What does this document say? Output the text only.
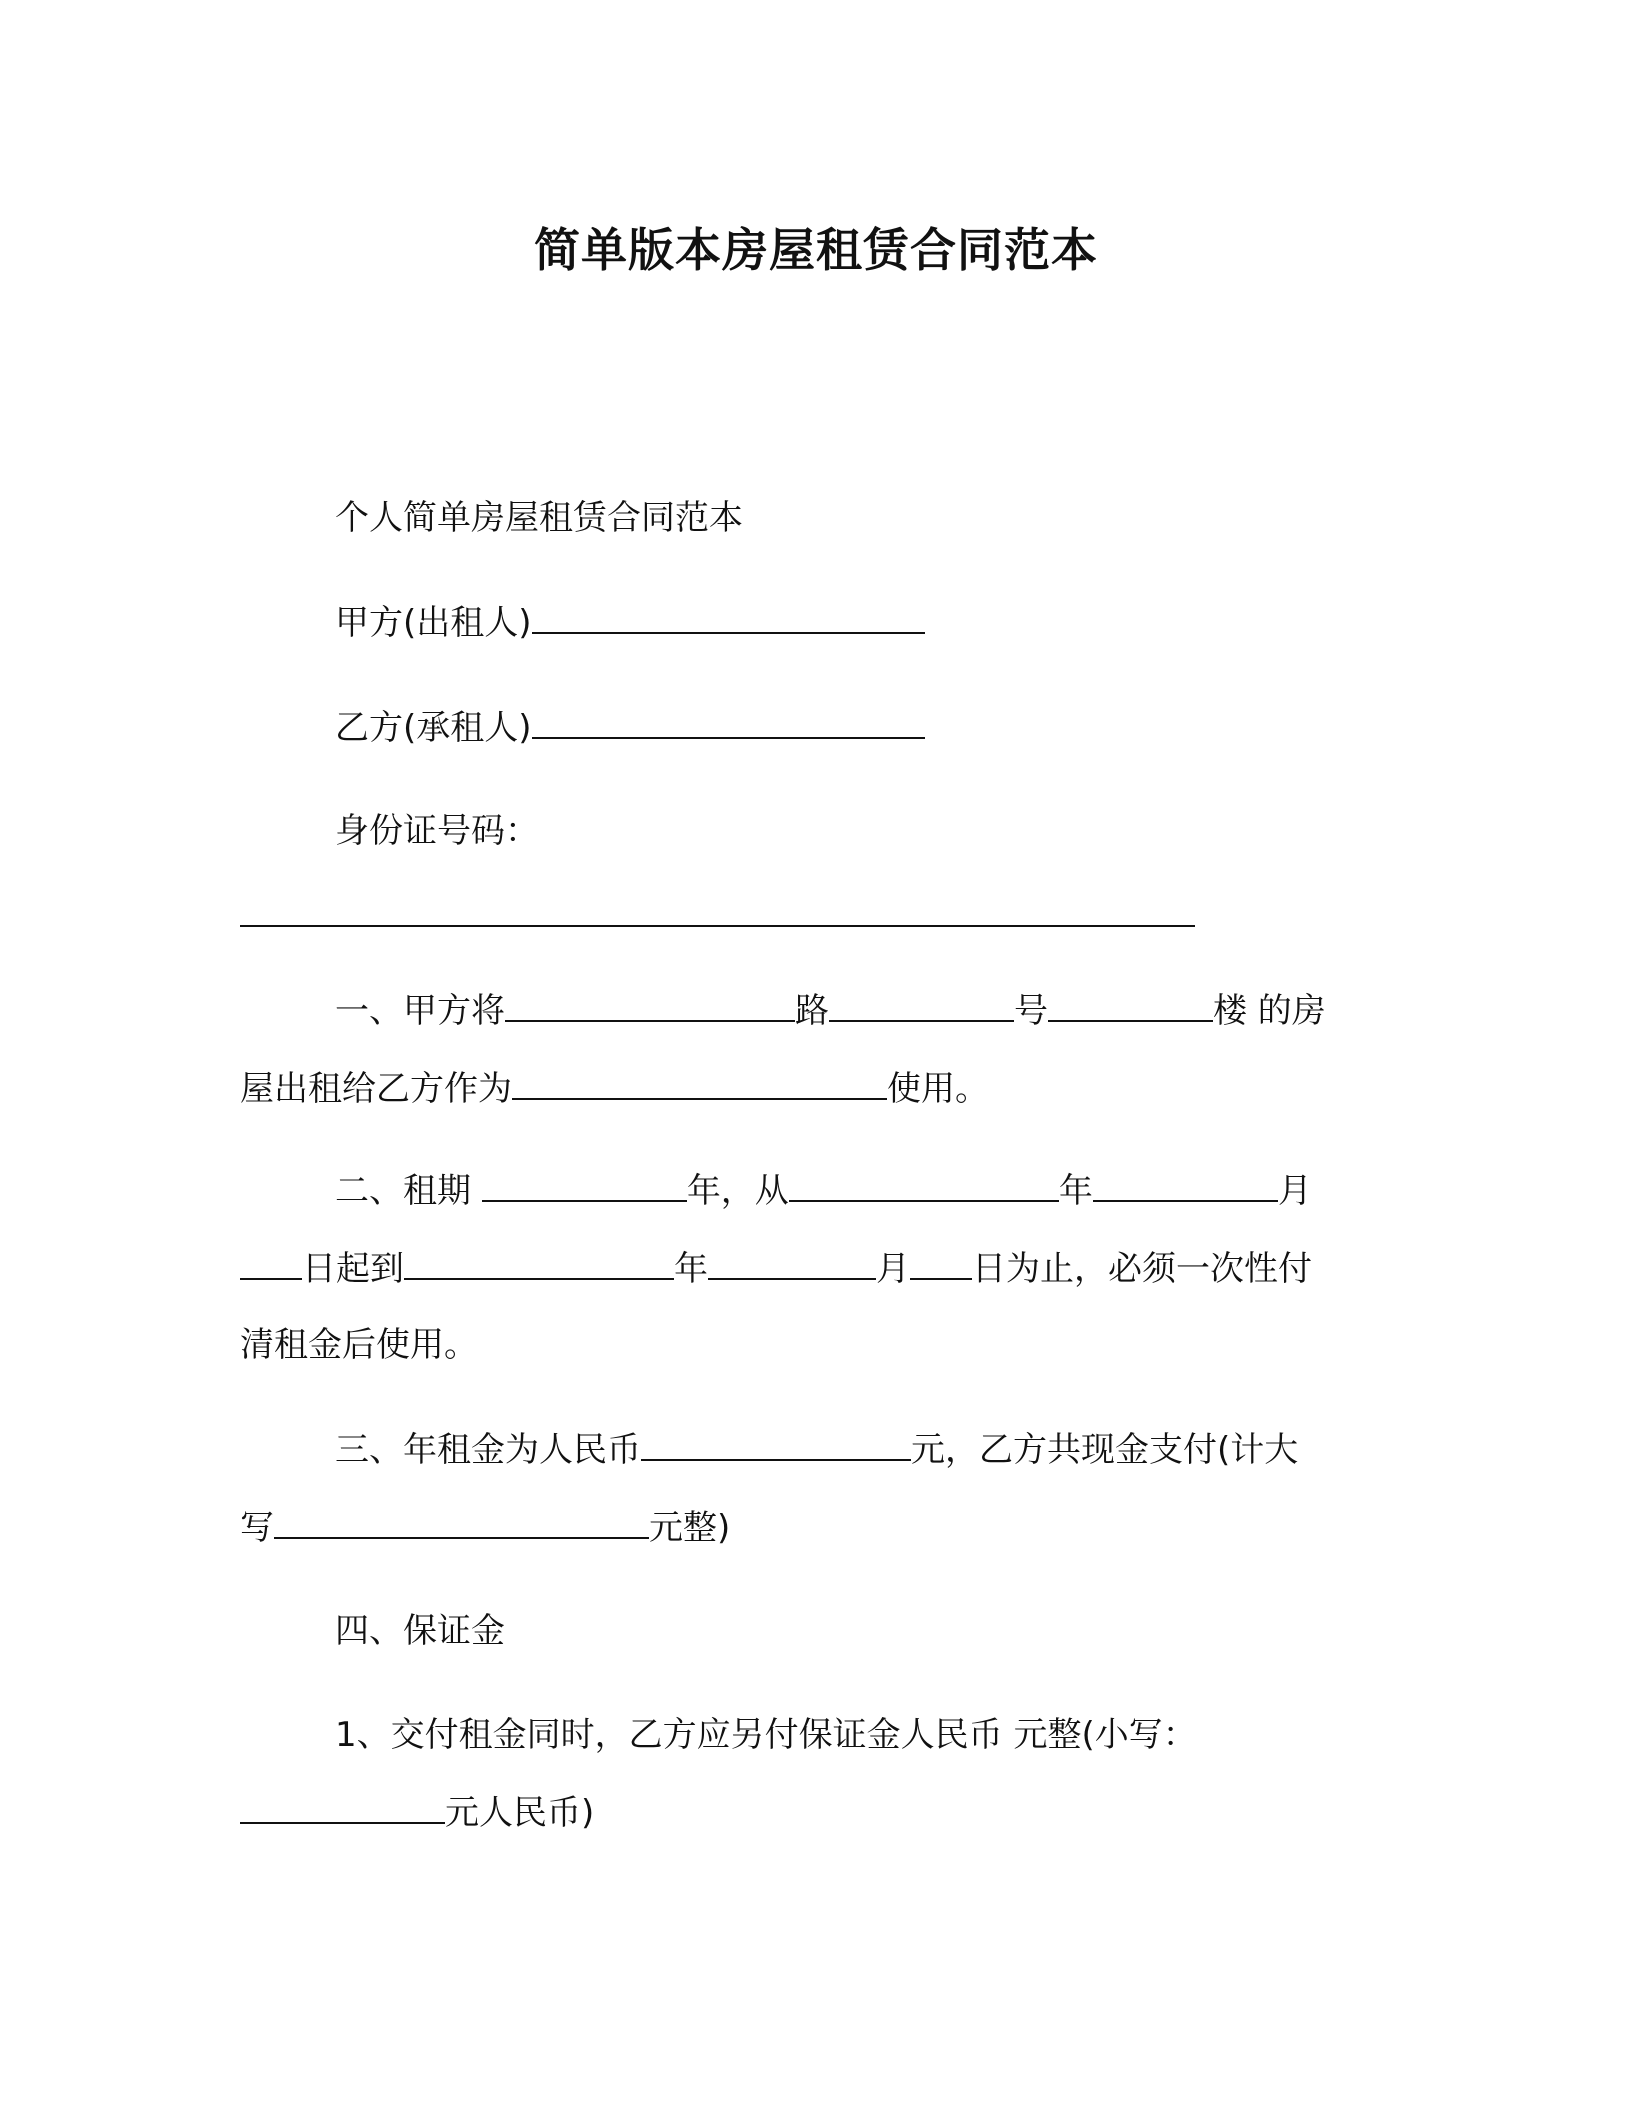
简单版本房屋租赁合同范本
个人简单房屋租赁合同范本
甲方(出租人)
乙方(承租人)
身份证号码：
一、甲方将	路	号	楼 的房
屋出租给乙方作为	使用。
二、租期	年，从	年	月
日起到	年	月 日为止，必须一次性付
清租金后使用。
三、年租金为人民币	元，乙方共现金支付(计大
写	元整)
四、保证金
1、交付租金同时，乙方应另付保证金人民币 元整(小写：
元人民币)
